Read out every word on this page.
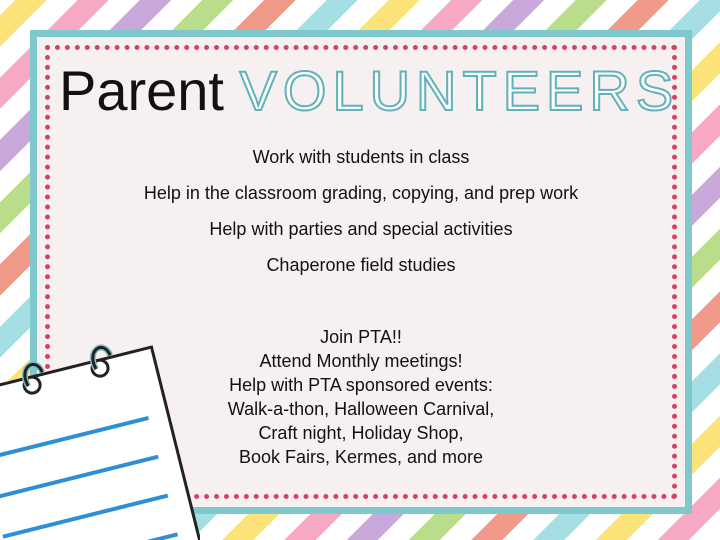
Parent VOLUNTEERS

Work with students in class

Help in the classroom grading, copying, and prep work

Help with parties and special activities

Chaperone field studies

Join PTA!!
Attend Monthly meetings!
Help with PTA sponsored events:
Walk-a-thon, Halloween Carnival,
Craft night, Holiday Shop,
Book Fairs, Kermes, and more
